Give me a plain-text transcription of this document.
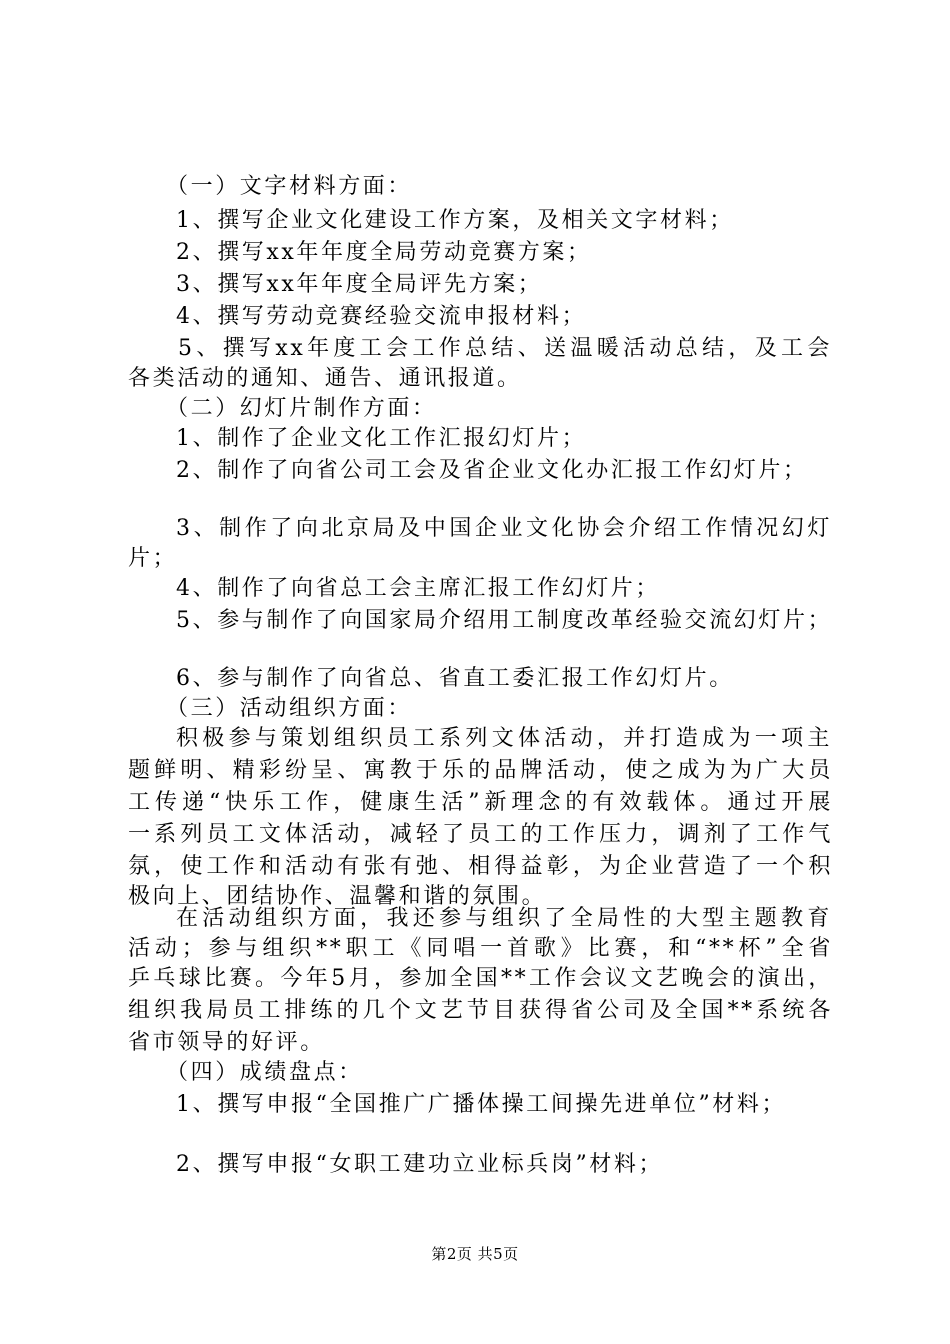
（一）文字材料方面：
1、撰写企业文化建设工作方案，及相关文字材料；
2、撰写xx年年度全局劳动竞赛方案；
3、撰写xx年年度全局评先方案；
4、撰写劳动竞赛经验交流申报材料；
5、撰写xx年度工会工作总结、送温暖活动总结，及工会
各类活动的通知、通告、通讯报道。
（二）幻灯片制作方面：
1、制作了企业文化工作汇报幻灯片；
2、制作了向省公司工会及省企业文化办汇报工作幻灯片；
3、制作了向北京局及中国企业文化协会介绍工作情况幻灯
片；
4、制作了向省总工会主席汇报工作幻灯片；
5、参与制作了向国家局介绍用工制度改革经验交流幻灯片；
6、参与制作了向省总、省直工委汇报工作幻灯片。
（三）活动组织方面：
积极参与策划组织员工系列文体活动，并打造成为一项主
题鲜明、精彩纷呈、寓教于乐的品牌活动，使之成为为广大员
工传递“快乐工作，健康生活”新理念的有效载体。通过开展
一系列员工文体活动，减轻了员工的工作压力，调剂了工作气
氛，使工作和活动有张有弛、相得益彰，为企业营造了一个积
极向上、团结协作、温馨和谐的氛围。
在活动组织方面，我还参与组织了全局性的大型主题教育
活动；参与组织**职工《同唱一首歌》比赛，和“**杯”全省
乒乓球比赛。今年5月，参加全国**工作会议文艺晚会的演出，
组织我局员工排练的几个文艺节目获得省公司及全国**系统各
省市领导的好评。
（四）成绩盘点：
1、撰写申报“全国推广广播体操工间操先进单位”材料；
2、撰写申报“女职工建功立业标兵岗”材料；
第2页 共5页
